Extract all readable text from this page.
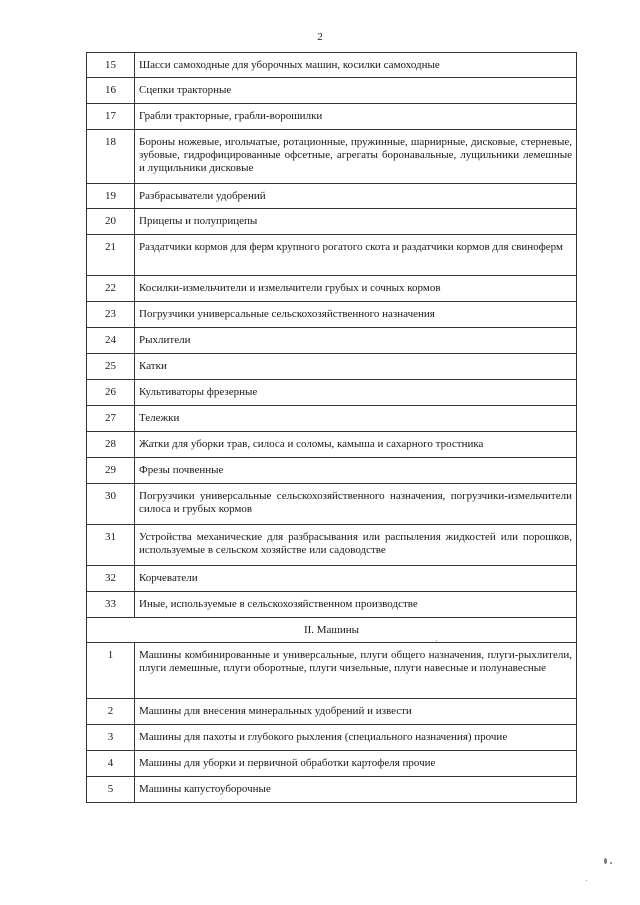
2
15	Шасси самоходные для уборочных машин, косилки самоходные
16	Сцепки тракторные
17	Грабли тракторные, грабли-ворошилки
18	Бороны ножевые, игольчатые, ротационные, пружинные, шарнирные, дисковые, стерневые, зубовые, гидрофицированные офсетные, агрегаты боронавальные, лущильники лемешные и лущильники дисковые
19	Разбрасыватели удобрений
20	Прицепы и полуприцепы
21	Раздатчики кормов для ферм крупного рогатого скота и раздатчики кормов для свиноферм
22	Косилки-измельчители и измельчители грубых и сочных кормов
23	Погрузчики универсальные сельскохозяйственного назначения
24	Рыхлители
25	Катки
26	Культиваторы фрезерные
27	Тележки
28	Жатки для уборки трав, силоса и соломы, камыша и сахарного тростника
29	Фрезы почвенные
30	Погрузчики универсальные сельскохозяйственного назначения, погрузчики-измельчители силоса и грубых кормов
31	Устройства механические для разбрасывания или распыления жидкостей или порошков, используемые в сельском хозяйстве или садоводстве
32	Корчеватели
33	Иные, используемые в сельскохозяйственном производстве
II. Машины	
1	Машины комбинированные и универсальные, плуги общего назначения, плуги-рыхлители, плуги лемешные, плуги оборотные, плуги чизельные, плуги навесные и полунавесные
2	Машины для внесения минеральных удобрений и извести
3	Машины для пахоты и глубокого рыхления (специального назначения) прочие
4	Машины для уборки и первичной обработки картофеля прочие
5	Машины капустоуборочные
